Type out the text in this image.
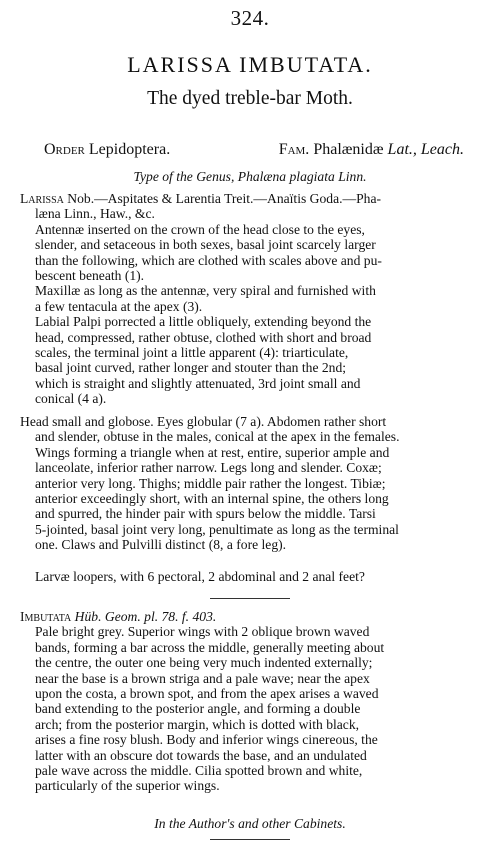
324.
LARISSA IMBUTATA.
The dyed treble-bar Moth.
Order Lepidoptera.	Fam. Phalænidæ Lat., Leach.
Type of the Genus, Phalæna plagiata Linn.

Larissa Nob.—Aspitates & Larentia Treit.—Anaïtis Godа.—Pha-

læna Linn., Haw., &c.

Antennæ inserted on the crown of the head close to the eyes,

slender, and setaceous in both sexes, basal joint scarcely larger

than the following, which are clothed with scales above and pu-

bescent beneath (1).

Maxillæ as long as the antennæ, very spiral and furnished with

a few tentacula at the apex (3).

Labial Palpi porrected a little obliquely, extending beyond the

head, compressed, rather obtuse, clothed with short and broad

scales, the terminal joint a little apparent (4): triarticulate,

basal joint curved, rather longer and stouter than the 2nd;

which is straight and slightly attenuated, 3rd joint small and

conical (4 a).

Head small and globose. Eyes globular (7 a). Abdomen rather short

and slender, obtuse in the males, conical at the apex in the females.

Wings forming a triangle when at rest, entire, superior ample and

lanceolate, inferior rather narrow. Legs long and slender. Coxæ;

anterior very long. Thighs; middle pair rather the longest. Tibiæ;

anterior exceedingly short, with an internal spine, the others long

and spurred, the hinder pair with spurs below the middle. Tarsi

5-jointed, basal joint very long, penultimate as long as the terminal

one. Claws and Pulvilli distinct (8, a fore leg).

Larvæ loopers, with 6 pectoral, 2 abdominal and 2 anal feet?

Imbutata Hüb. Geom. pl. 78. f. 403.

Pale bright grey. Superior wings with 2 oblique brown waved

bands, forming a bar across the middle, generally meeting about

the centre, the outer one being very much indented externally;

near the base is a brown striga and a pale wave; near the apex

upon the costa, a brown spot, and from the apex arises a waved

band extending to the posterior angle, and forming a double

arch; from the posterior margin, which is dotted with black,

arises a fine rosy blush. Body and inferior wings cinereous, the

latter with an obscure dot towards the base, and an undulated

pale wave across the middle. Cilia spotted brown and white,

particularly of the superior wings.

In the Author's and other Cabinets.
